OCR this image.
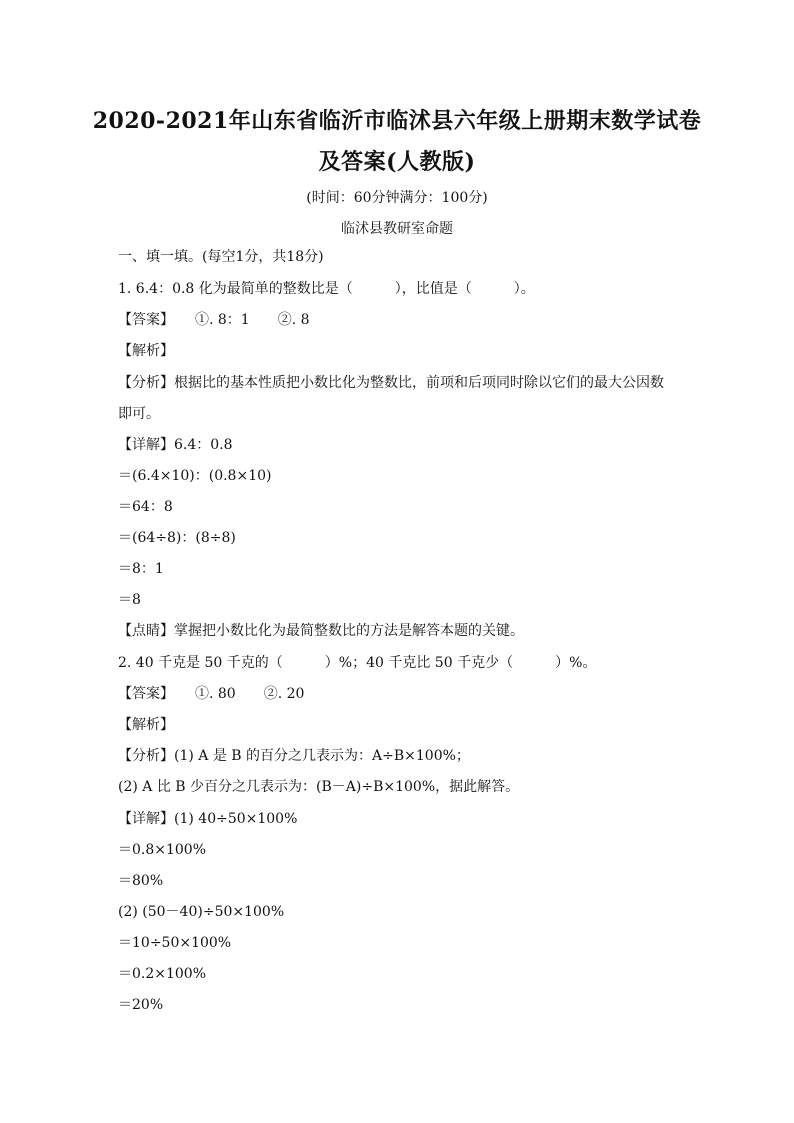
2020-2021年山东省临沂市临沭县六年级上册期末数学试卷
及答案(人教版)
(时间：60分钟满分：100分)
临沭县教研室命题
一、填一填。(每空1分，共18分)
1. 6.4：0.8 化为最简单的整数比是（　　　），比值是（　　　）。
【答案】　　①. 8：1　　②. 8
【解析】
【分析】根据比的基本性质把小数比化为整数比，前项和后项同时除以它们的最大公因数
即可。
【详解】6.4：0.8
＝(6.4×10)：(0.8×10)
＝64：8
＝(64÷8)：(8÷8)
＝8：1
＝8
【点睛】掌握把小数比化为最简整数比的方法是解答本题的关键。
2. 40 千克是 50 千克的（　　　）%；40 千克比 50 千克少（　　　）%。
【答案】　　①. 80　　②. 20
【解析】
【分析】(1) A 是 B 的百分之几表示为：A÷B×100%；
(2) A 比 B 少百分之几表示为：(B－A)÷B×100%，据此解答。
【详解】(1) 40÷50×100%
＝0.8×100%
＝80%
(2) (50－40)÷50×100%
＝10÷50×100%
＝0.2×100%
＝20%
